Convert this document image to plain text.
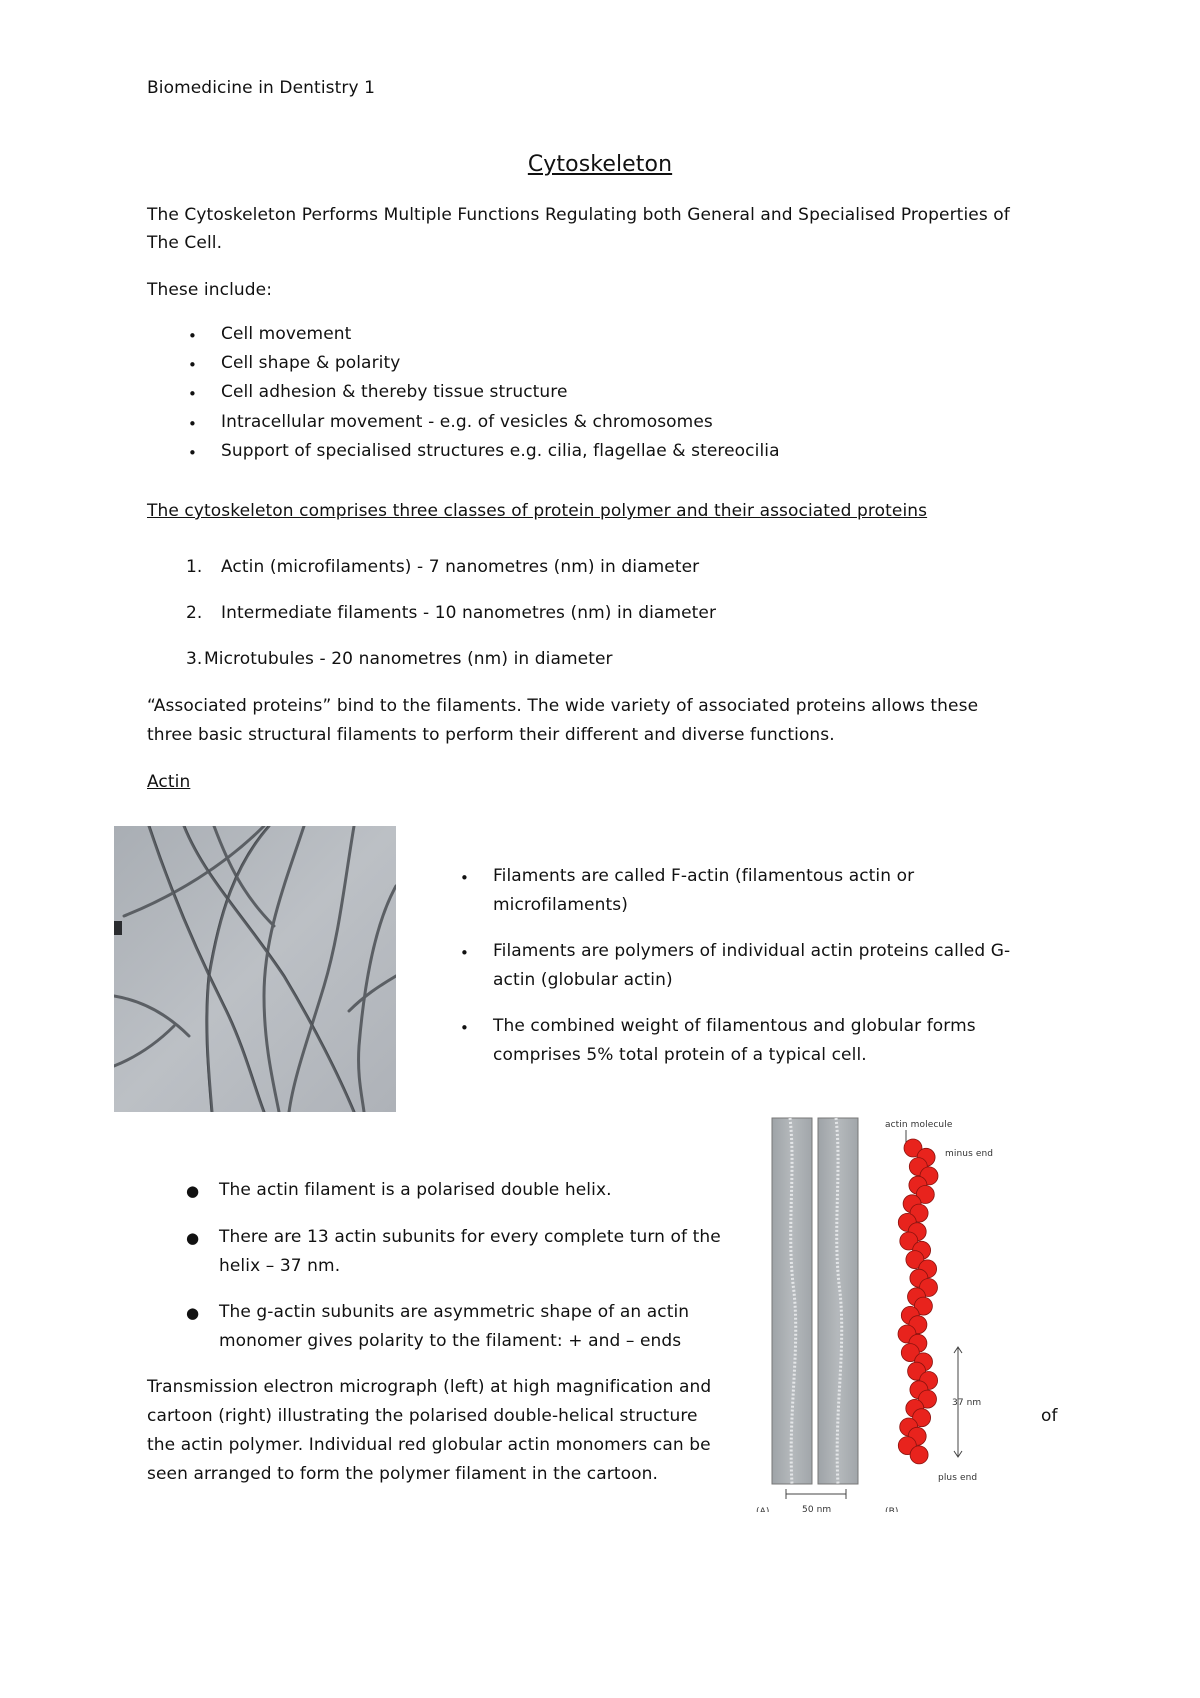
Biomedicine in Dentistry 1
Cytoskeleton
The Cytoskeleton Performs Multiple Functions Regulating both General and Specialised Properties of
The Cell.
These include:
• Cell movement
• Cell shape & polarity
• Cell adhesion & thereby tissue structure
• Intracellular movement - e.g. of vesicles & chromosomes
• Support of specialised structures e.g. cilia, flagellae & stereocilia
The cytoskeleton comprises three classes of protein polymer and their associated proteins
1. Actin (microfilaments) - 7 nanometres (nm) in diameter
2. Intermediate filaments - 10 nanometres (nm) in diameter
3. Microtubules - 20 nanometres (nm) in diameter
“Associated proteins” bind to the filaments. The wide variety of associated proteins allows these
three basic structural filaments to perform their different and diverse functions.
Actin
• Filaments are called F-actin (filamentous actin or
microfilaments)
• Filaments are polymers of individual actin proteins called G-
actin (globular actin)
• The combined weight of filamentous and globular forms
comprises 5% total protein of a typical cell.
● The actin filament is a polarised double helix.
● There are 13 actin subunits for every complete turn of the
helix – 37 nm.
● The g-actin subunits are asymmetric shape of an actin
monomer gives polarity to the filament: + and – ends
Transmission electron micrograph (left) at high magnification and
cartoon (right) illustrating the polarised double-helical structure
the actin polymer. Individual red globular actin monomers can be
seen arranged to form the polymer filament in the cartoon.
of
50 nm
(A)	(B)
actin molecule
minus end
plus end
37 nm
